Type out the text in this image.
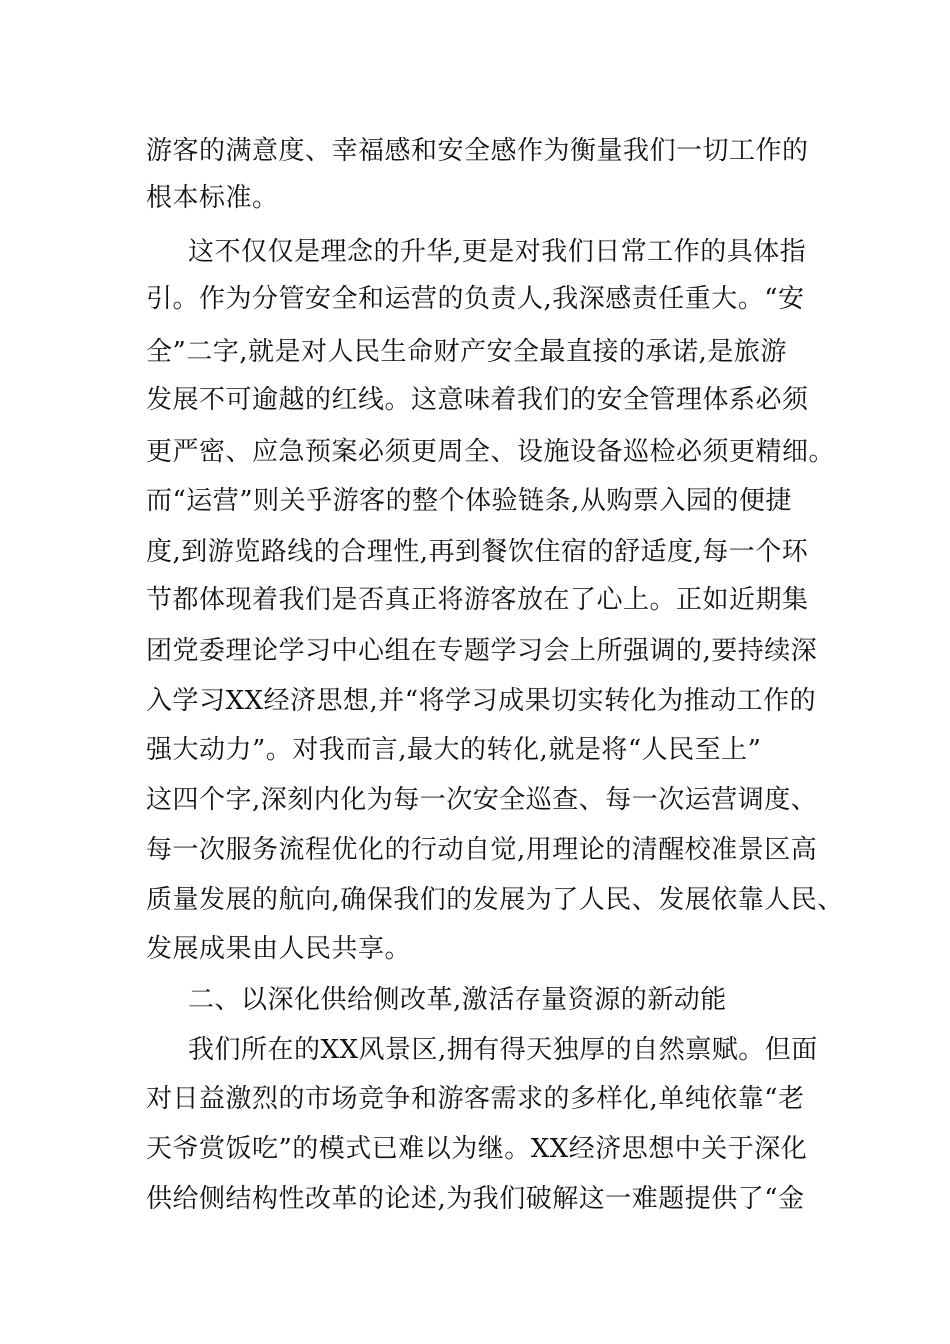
游客的满意度、幸福感和安全感作为衡量我们一切工作的
根本标准。
这不仅仅是理念的升华,更是对我们日常工作的具体指
引。作为分管安全和运营的负责人,我深感责任重大。“安
全”二字,就是对人民生命财产安全最直接的承诺,是旅游
发展不可逾越的红线。这意味着我们的安全管理体系必须
更严密、应急预案必须更周全、设施设备巡检必须更精细。
而“运营”则关乎游客的整个体验链条,从购票入园的便捷
度,到游览路线的合理性,再到餐饮住宿的舒适度,每一个环
节都体现着我们是否真正将游客放在了心上。正如近期集
团党委理论学习中心组在专题学习会上所强调的,要持续深
入学习XX经济思想,并“将学习成果切实转化为推动工作的
强大动力”。对我而言,最大的转化,就是将“人民至上”
这四个字,深刻内化为每一次安全巡查、每一次运营调度、
每一次服务流程优化的行动自觉,用理论的清醒校准景区高
质量发展的航向,确保我们的发展为了人民、发展依靠人民、
发展成果由人民共享。
二、以深化供给侧改革,激活存量资源的新动能
我们所在的XX风景区,拥有得天独厚的自然禀赋。但面
对日益激烈的市场竞争和游客需求的多样化,单纯依靠“老
天爷赏饭吃”的模式已难以为继。XX经济思想中关于深化
供给侧结构性改革的论述,为我们破解这一难题提供了“金
